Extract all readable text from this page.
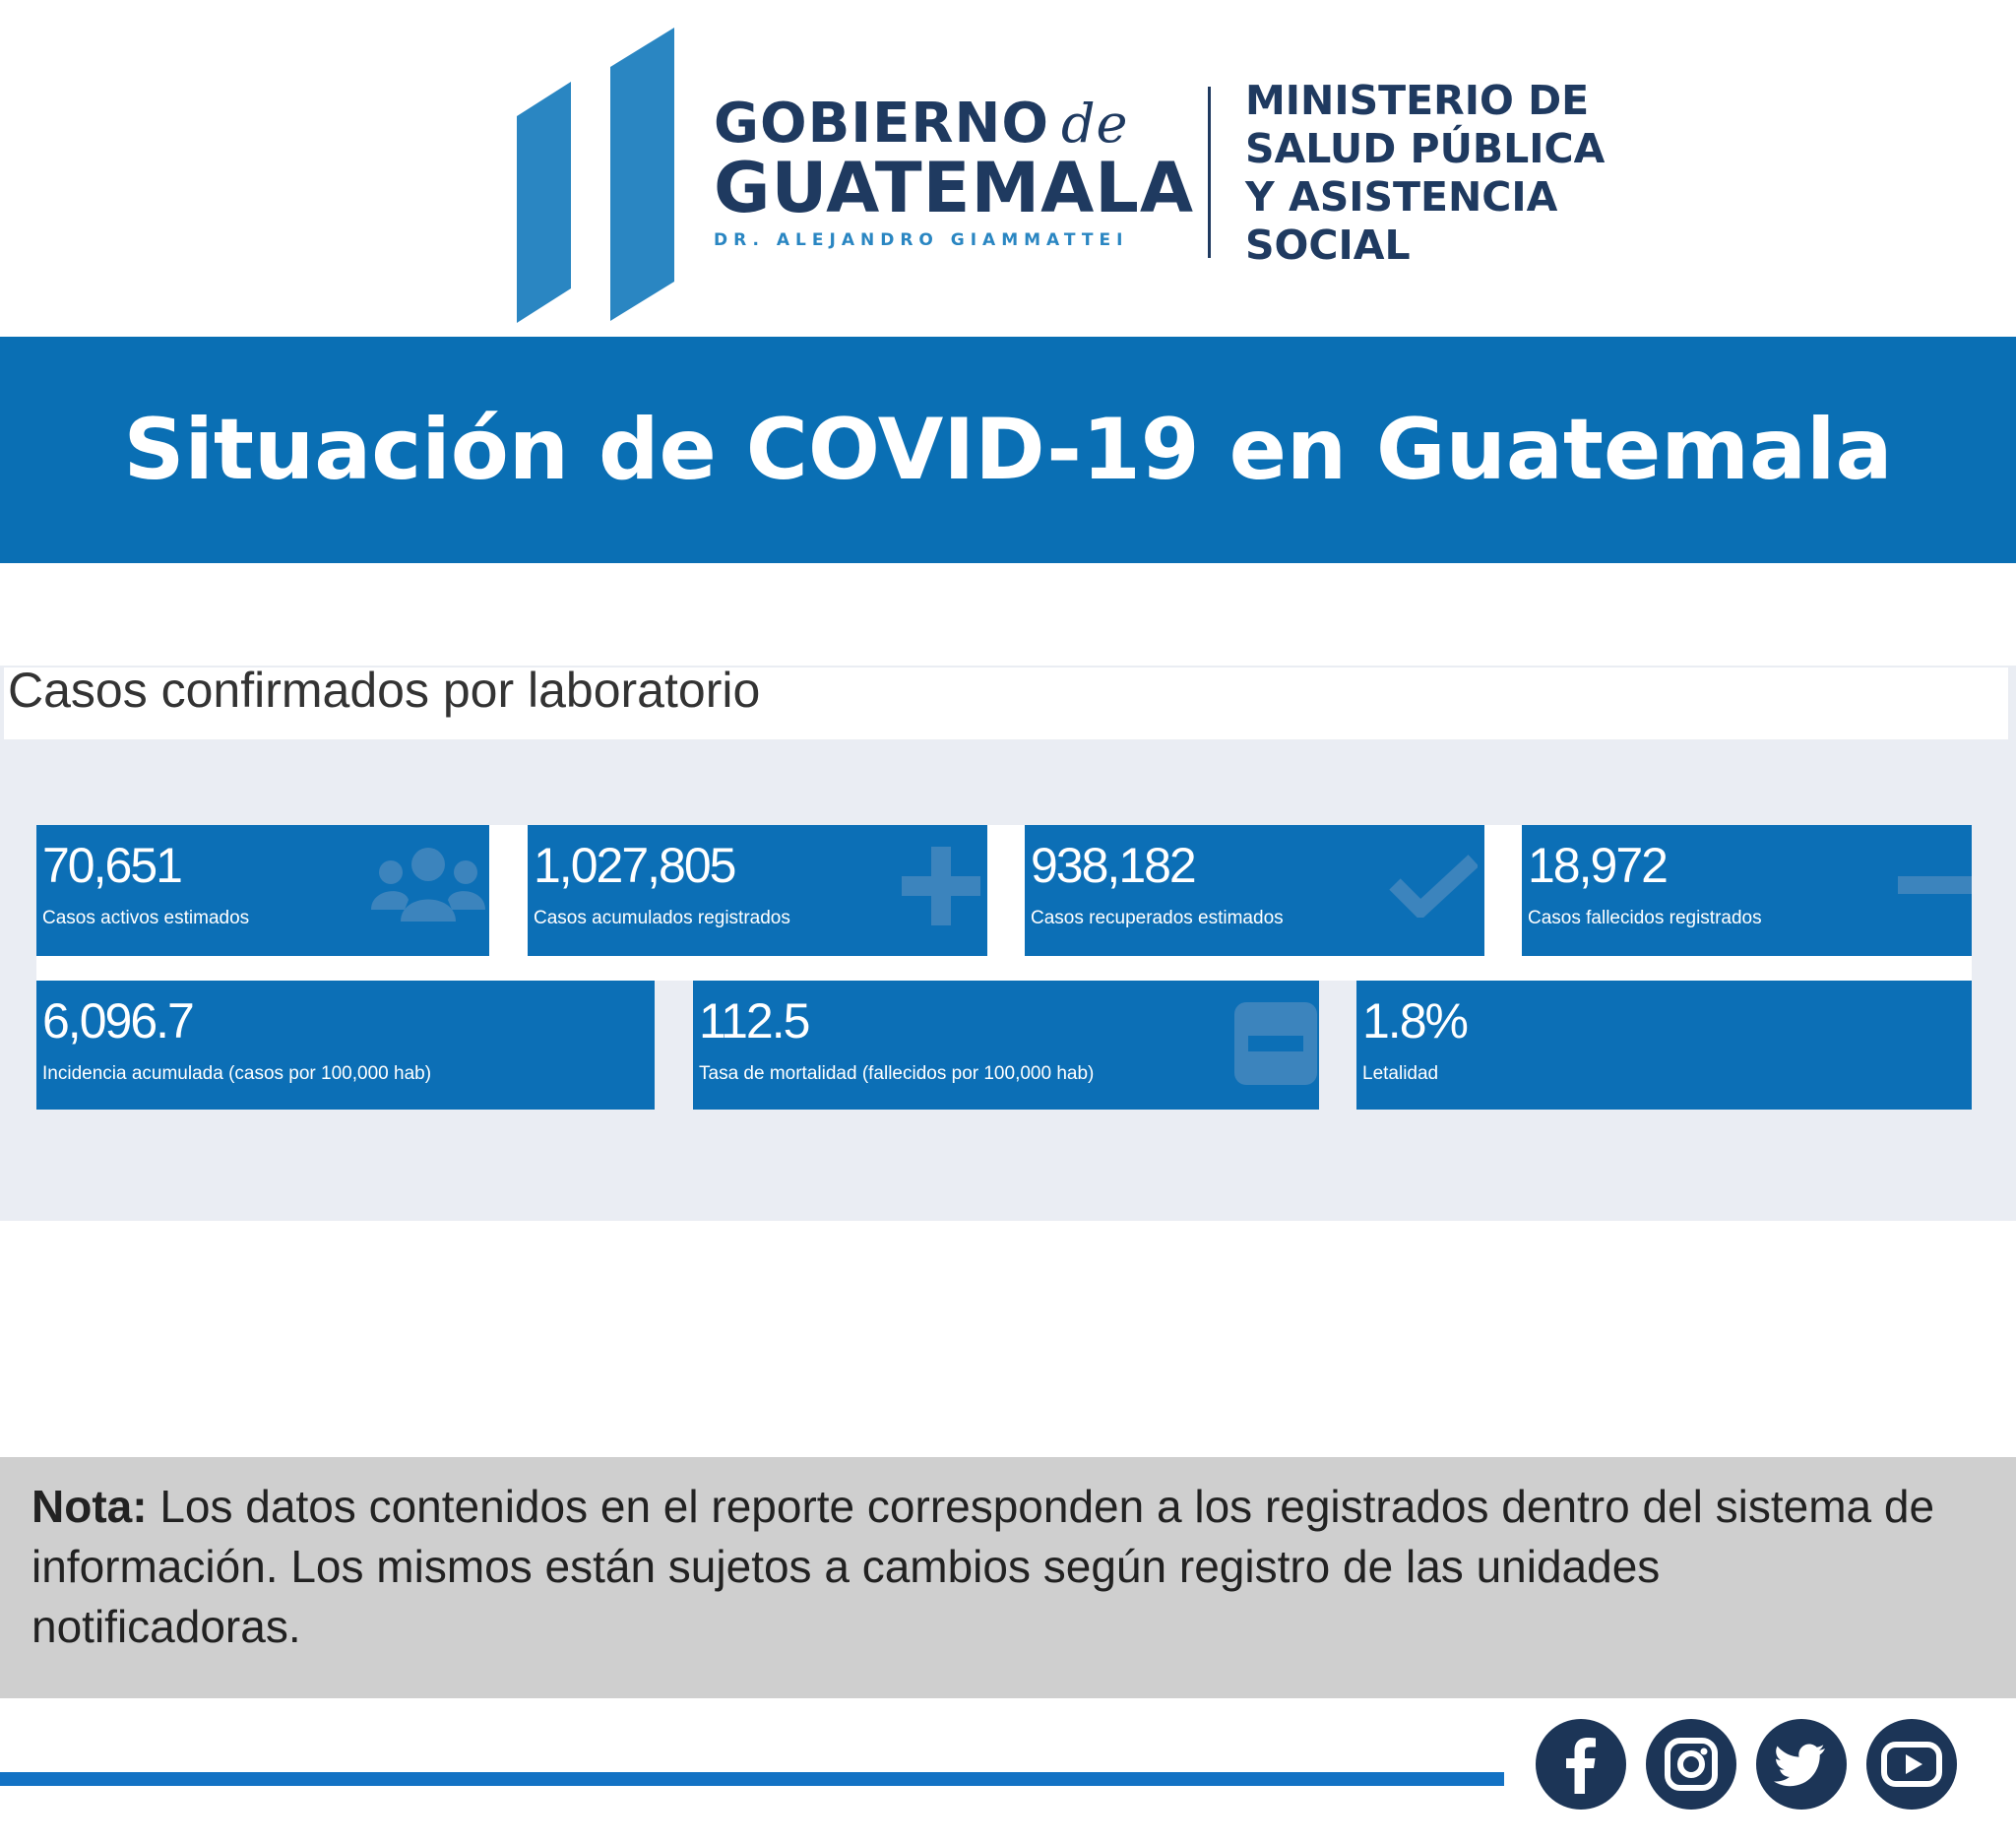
GOBIERNO de
GUATEMALA
DR. ALEJANDRO GIAMMATTEI
MINISTERIO DE
SALUD PÚBLICA
Y ASISTENCIA
SOCIAL
Situación de COVID-19 en Guatemala
Casos confirmados por laboratorio
70,651
Casos activos estimados
1,027,805
Casos acumulados registrados
938,182
Casos recuperados estimados
18,972
Casos fallecidos registrados
6,096.7
Incidencia acumulada (casos por 100,000 hab)
112.5
Tasa de mortalidad (fallecidos por 100,000 hab)
1.8%
Letalidad
Nota: Los datos contenidos en el reporte corresponden a los registrados dentro del sistema de información. Los mismos están sujetos a cambios según registro de las unidades notificadoras.
